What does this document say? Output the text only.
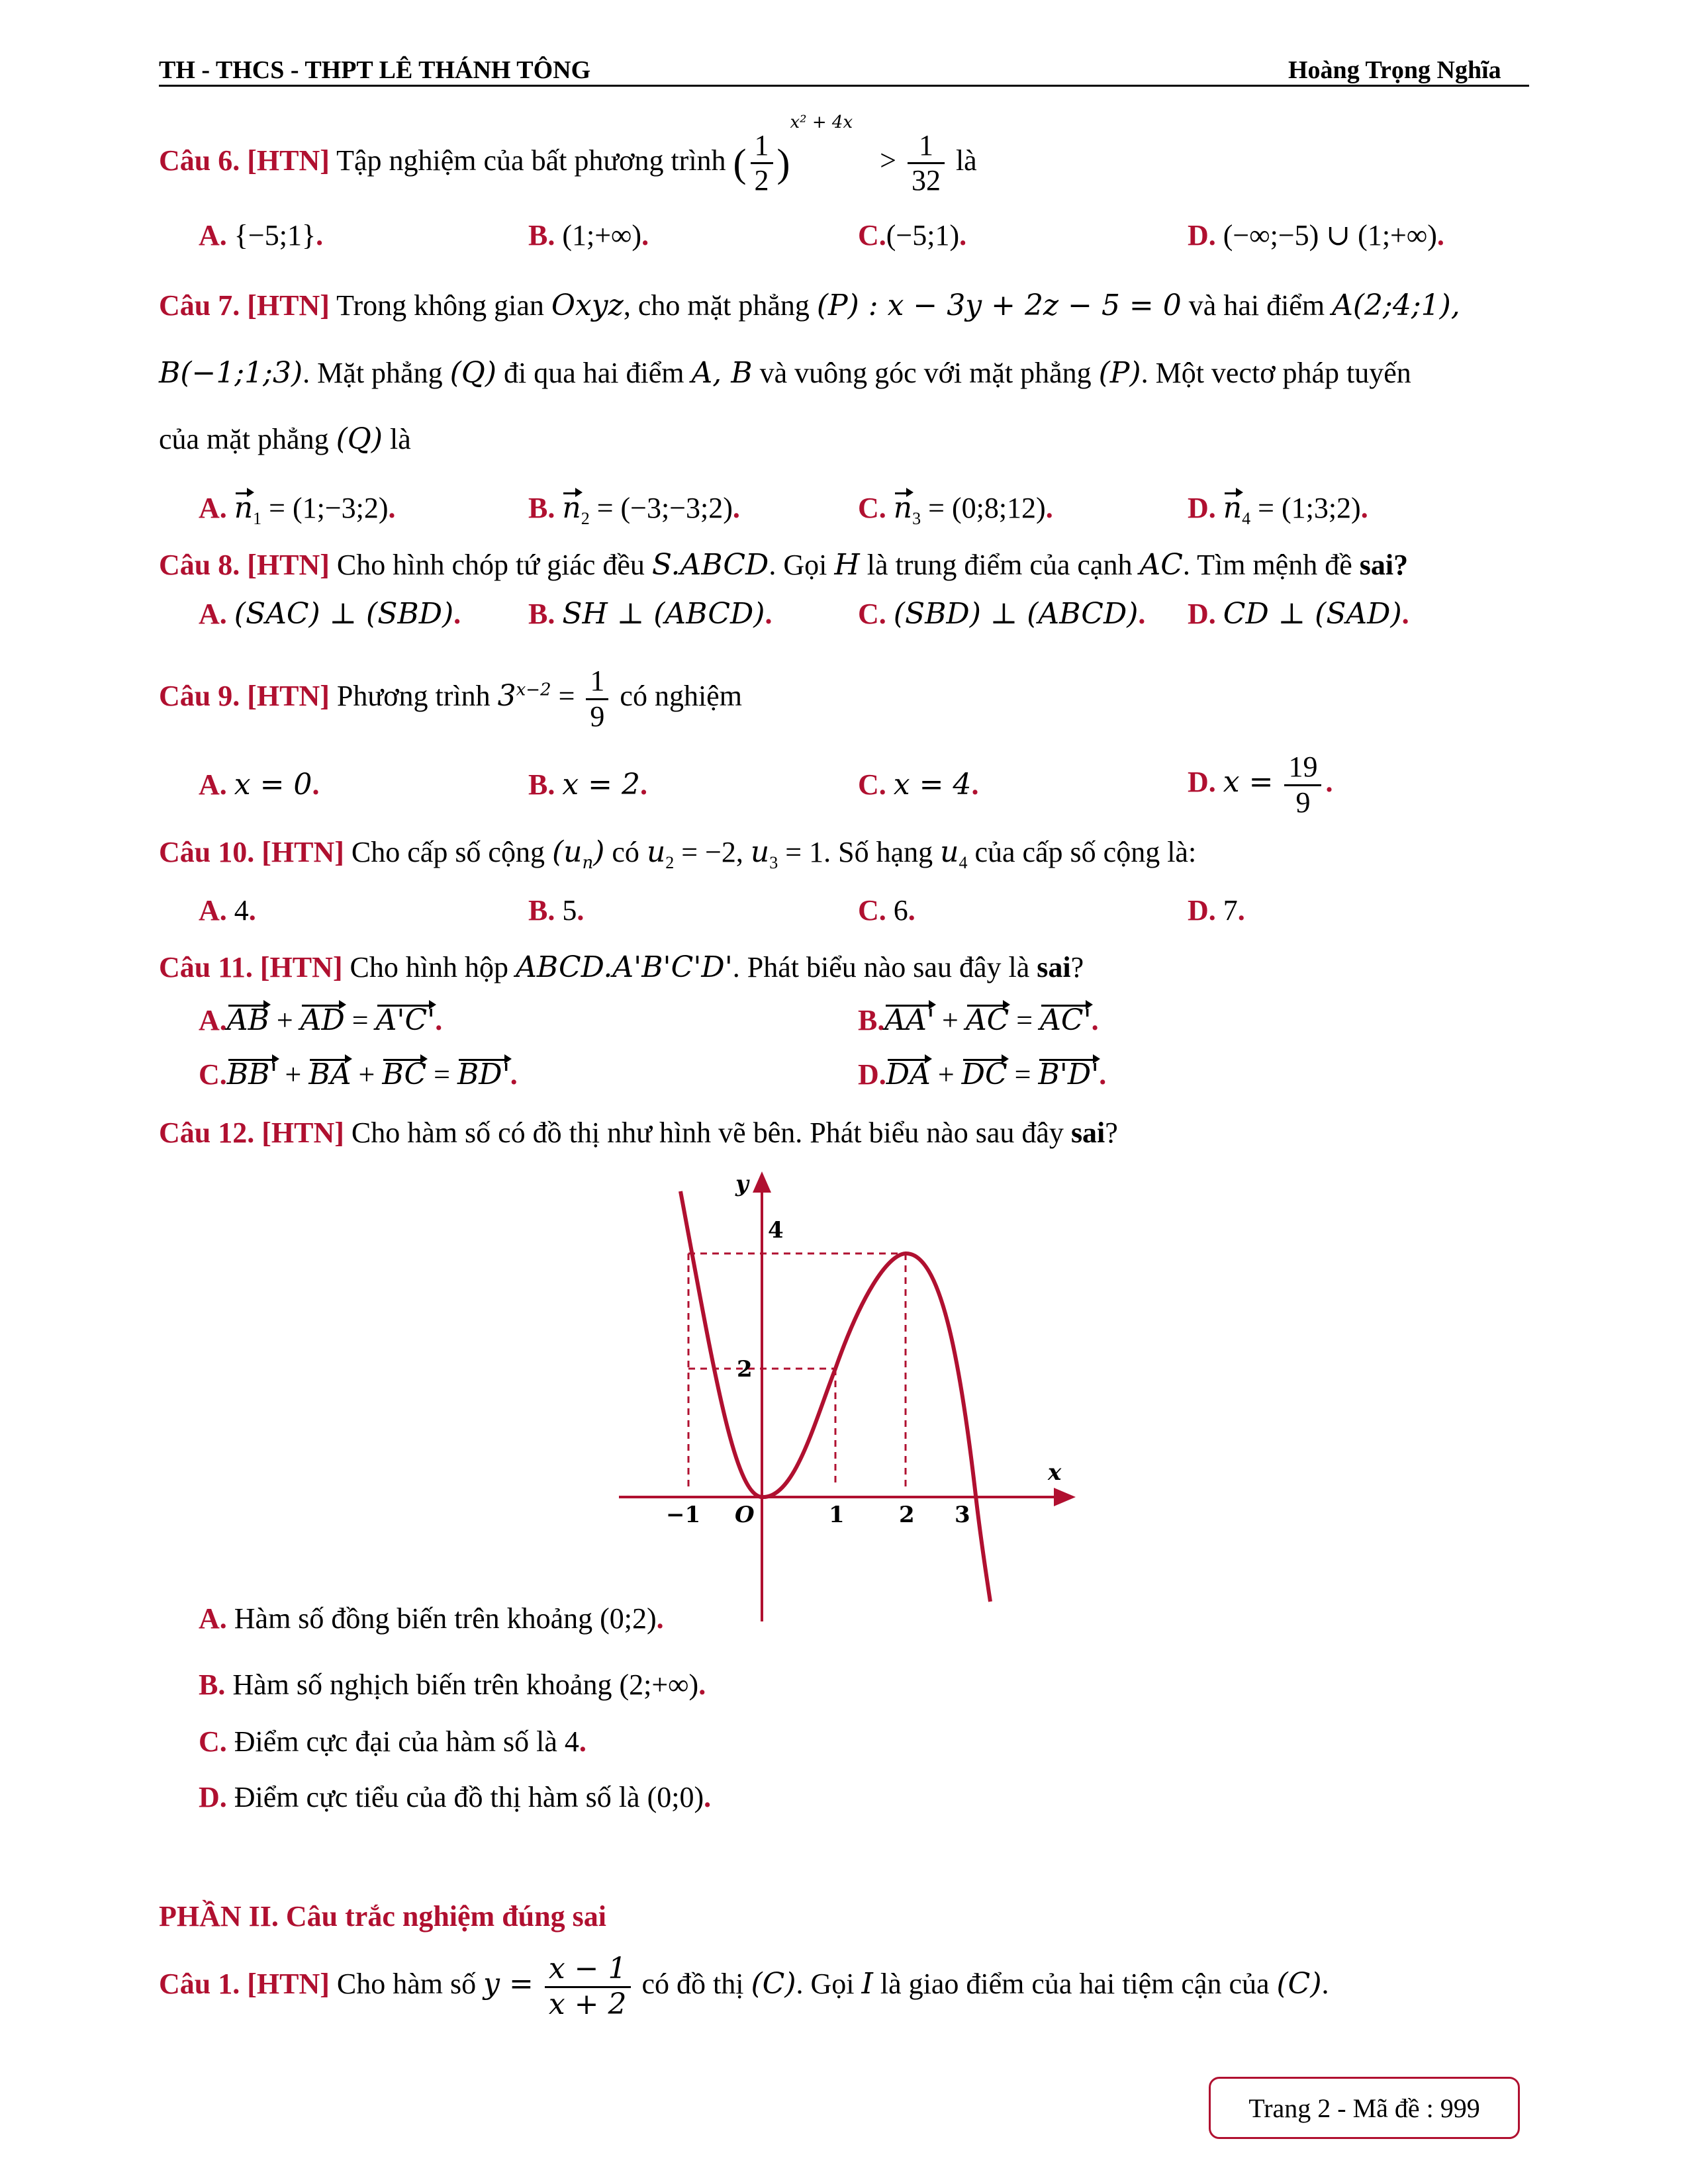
TH - THCS - THPT LÊ THÁNH TÔNG	Hoàng Trọng Nghĩa
Câu 6. [HTN] Tập nghiệm của bất phương trình ( $\frac{1}{2} )^{x^2 + 4x} > \frac{1}{32}$ là
A. {−5;1}.	B. (1;+∞).	C.(−5;1).	D. (−∞;−5) ∪ (1;+∞).
Câu 7. [HTN] Trong không gian Oxyz, cho mặt phẳng (P) : x − 3y + 2z − 5 = 0 và hai điểm A(2;4;1),
B(−1;1;3). Mặt phẳng (Q) đi qua hai điểm A, B và vuông góc với mặt phẳng (P). Một vectơ pháp tuyến
của mặt phẳng (Q) là
A. $n_1$ = (1;−3;2).	B. $n_2$ = (−3;−3;2).	C. $n_3$ = (0;8;12).	D. $n_4$ = (1;3;2).
Câu 8. [HTN] Cho hình chóp tứ giác đều S.ABCD. Gọi H là trung điểm của cạnh AC. Tìm mệnh đề sai?
A. (SAC) ⊥ (SBD). B. SH ⊥ (ABCD).	C. (SBD) ⊥ (ABCD). D. CD ⊥ (SAD).
Câu 9. [HTN] Phương trình $3^{x-2} = \frac{1}{9}$ có nghiệm
A. x = 0.	B. x = 2.	C. x = 4.	D. $x = \frac{19}{9}$ .
Câu 10. [HTN] Cho cấp số cộng $(u_n)$ có $u_2 = -2$, $u_3 = 1$. Số hạng $u_4$ của cấp số cộng là:
A. 4.	B. 5.	C. 6.	D. 7.
Câu 11. [HTN] Cho hình hộp ABCD.A'B'C'D'. Phát biểu nào sau đây là sai?
A.AB + AD = A'C'.	B.AA' + AC = AC'.
C.BB' + BA + BC = BD'.	D.DA + DC = B'D'.
Câu 12. [HTN] Cho hàm số có đồ thị như hình vẽ bên. Phát biểu nào sau đây sai?
y
x
O
−1	1 2 3
2
4
A. Hàm số đồng biến trên khoảng (0;2).
B. Hàm số nghịch biến trên khoảng (2;+∞).
C. Điểm cực đại của hàm số là 4.
D. Điểm cực tiểu của đồ thị hàm số là (0;0).
PHẦN II. Câu trắc nghiệm đúng sai
Câu 1. [HTN] Cho hàm số $y = \frac{x - 1}{x + 2}$ có đồ thị (C). Gọi I là giao điểm của hai tiệm cận của (C).
Trang 2 - Mã đề : 999
